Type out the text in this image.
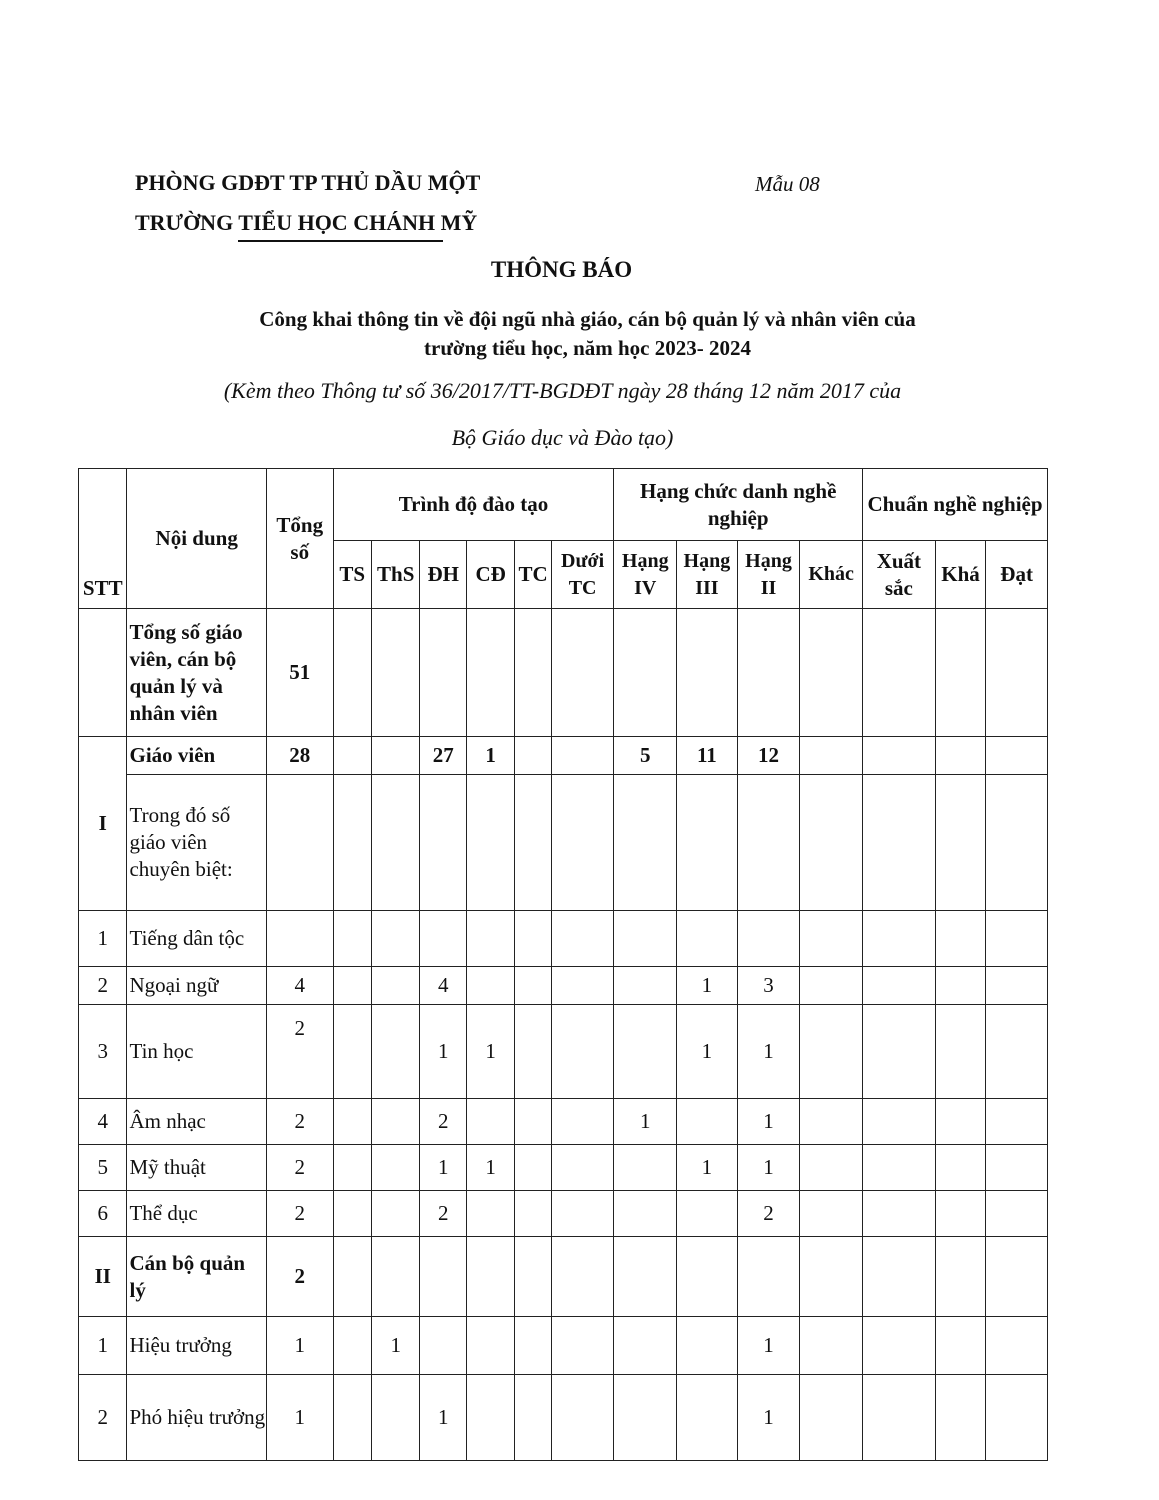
PHÒNG GDĐT TP THỦ DẦU MỘT
TRƯỜNG TIỂU HỌC CHÁNH MỸ
Mẫu 08
THÔNG BÁO
Công khai thông tin về đội ngũ nhà giáo, cán bộ quản lý và nhân viên của
trường tiểu học, năm học 2023- 2024
(Kèm theo Thông tư số 36/2017/TT-BGDĐT ngày 28 tháng 12 năm 2017 của
Bộ Giáo dục và Đào tạo)
STT	Nội dung	Tổng số	Trình độ đào tạo						Hạng chức danh nghề nghiệp				Chuẩn nghề nghiệp		
			TS	ThS	ĐH	CĐ	TC	Dưới TC	Hạng IV	Hạng III	Hạng II	Khác	Xuất sắc	Khá	Đạt
	Tổng số giáo viên, cán bộ quản lý và nhân viên	51													
I	Giáo viên	28			27	1			5	11	12				
	Trong đó số giáo viên chuyên biệt:														
1	Tiếng dân tộc														
2	Ngoại ngữ	4			4					1	3				
3	Tin học	2			1	1				1	1				
4	Âm nhạc	2			2				1		1				
5	Mỹ thuật	2			1	1				1	1				
6	Thể dục	2			2						2				
II	Cán bộ quản lý	2													
1	Hiệu trưởng	1		1							1				
2	Phó hiệu trưởng	1			1						1				
